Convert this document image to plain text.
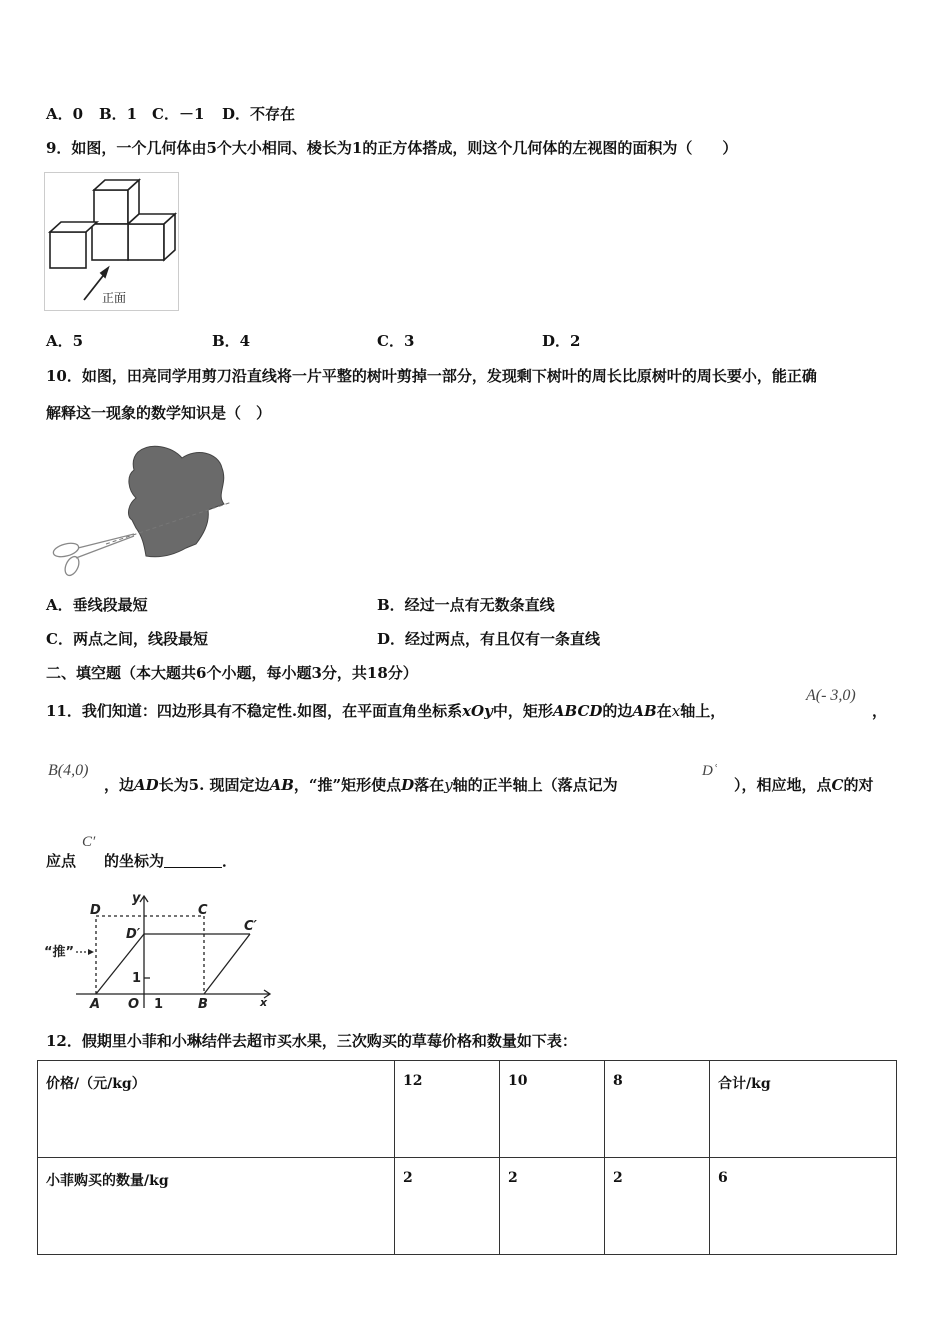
A．0 B．1 C．－1 D．不存在
9．如图，一个几何体由5个大小相同、棱长为1的正方体搭成，则这个几何体的左视图的面积为（　　）
正面
A．5	B．4	C．3	D．2
10．如图，田亮同学用剪刀沿直线将一片平整的树叶剪掉一部分，发现剩下树叶的周长比原树叶的周长要小，能正确
解释这一现象的数学知识是（　）
A．垂线段最短	B．经过一点有无数条直线
C．两点之间，线段最短	D．经过两点，有且仅有一条直线
二、填空题（本大题共6个小题，每小题3分，共18分）
11．我们知道：四边形具有不稳定性.如图，在平面直角坐标系xOy中，矩形ABCD的边AB在x轴上，
A(- 3,0)
，
B(4,0)
，边AD长为5. 现固定边AB，“推”矩形使点D落在y轴的正半轴上（落点记为
Dʿ
），相应地，点C的对
应点
C′
的坐标为	．
D	C
y
D′
C′
“推”
1
A O 1	B	x
12．假期里小菲和小琳结伴去超市买水果，三次购买的草莓价格和数量如下表：
价格/（元/kg）	12	10	8	合计/kg
小菲购买的数量/kg	2	2	2	6
